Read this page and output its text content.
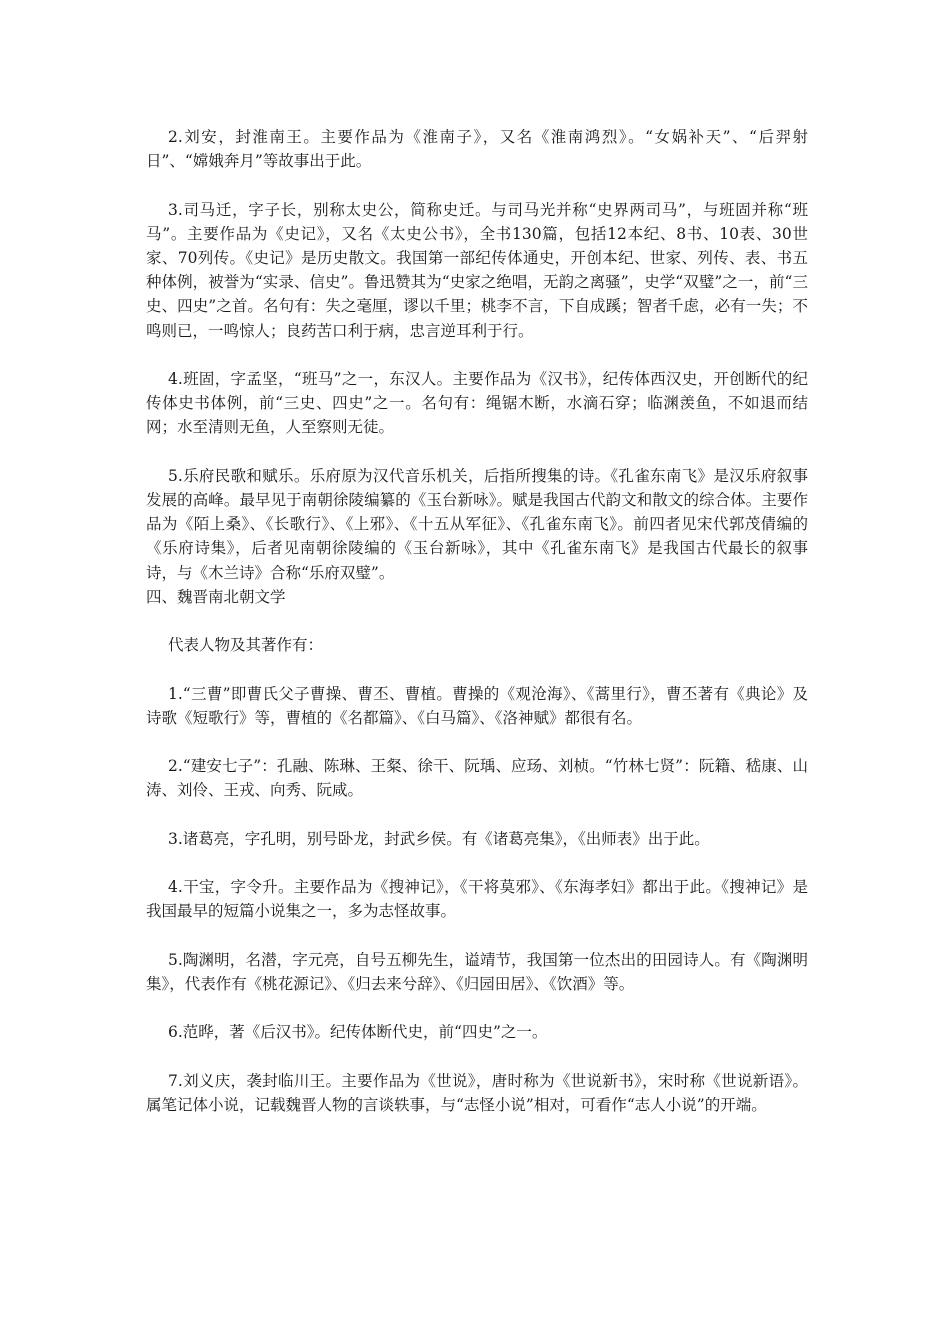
2.刘安，封淮南王。主要作品为《淮南子》，又名《淮南鸿烈》。“女娲补天”、“后羿射日”、“嫦娥奔月”等故事出于此。

3.司马迁，字子长，别称太史公，简称史迁。与司马光并称“史界两司马”，与班固并称“班马”。主要作品为《史记》，又名《太史公书》，全书130篇，包括12本纪、8书、10表、30世家、70列传。《史记》是历史散文。我国第一部纪传体通史，开创本纪、世家、列传、表、书五种体例，被誉为“实录、信史”。鲁迅赞其为“史家之绝唱，无韵之离骚”，史学“双璧”之一，前“三史、四史”之首。名句有：失之毫厘，谬以千里；桃李不言，下自成蹊；智者千虑，必有一失；不鸣则已，一鸣惊人；良药苦口利于病，忠言逆耳利于行。

4.班固，字孟坚，“班马”之一，东汉人。主要作品为《汉书》，纪传体西汉史，开创断代的纪传体史书体例，前“三史、四史”之一。名句有：绳锯木断，水滴石穿；临渊羡鱼，不如退而结网；水至清则无鱼，人至察则无徒。

5.乐府民歌和赋乐。乐府原为汉代音乐机关，后指所搜集的诗。《孔雀东南飞》是汉乐府叙事发展的高峰。最早见于南朝徐陵编纂的《玉台新咏》。赋是我国古代韵文和散文的综合体。主要作品为《陌上桑》、《长歌行》、《上邪》、《十五从军征》、《孔雀东南飞》。前四者见宋代郭茂倩编的《乐府诗集》，后者见南朝徐陵编的《玉台新咏》，其中《孔雀东南飞》是我国古代最长的叙事诗，与《木兰诗》合称“乐府双璧”。

四、魏晋南北朝文学

代表人物及其著作有：

1.“三曹”即曹氏父子曹操、曹丕、曹植。曹操的《观沧海》、《蒿里行》，曹丕著有《典论》及诗歌《短歌行》等，曹植的《名都篇》、《白马篇》、《洛神赋》都很有名。

2.“建安七子”：孔融、陈琳、王粲、徐干、阮瑀、应玚、刘桢。“竹林七贤”：阮籍、嵇康、山涛、刘伶、王戎、向秀、阮咸。

3.诸葛亮，字孔明，别号卧龙，封武乡侯。有《诸葛亮集》，《出师表》出于此。

4.干宝，字令升。主要作品为《搜神记》，《干将莫邪》、《东海孝妇》都出于此。《搜神记》是我国最早的短篇小说集之一，多为志怪故事。

5.陶渊明，名潜，字元亮，自号五柳先生，谥靖节，我国第一位杰出的田园诗人。有《陶渊明集》，代表作有《桃花源记》、《归去来兮辞》、《归园田居》、《饮酒》等。

6.范晔，著《后汉书》。纪传体断代史，前“四史”之一。

7.刘义庆，袭封临川王。主要作品为《世说》，唐时称为《世说新书》，宋时称《世说新语》。属笔记体小说，记载魏晋人物的言谈轶事，与“志怪小说”相对，可看作“志人小说”的开端。
